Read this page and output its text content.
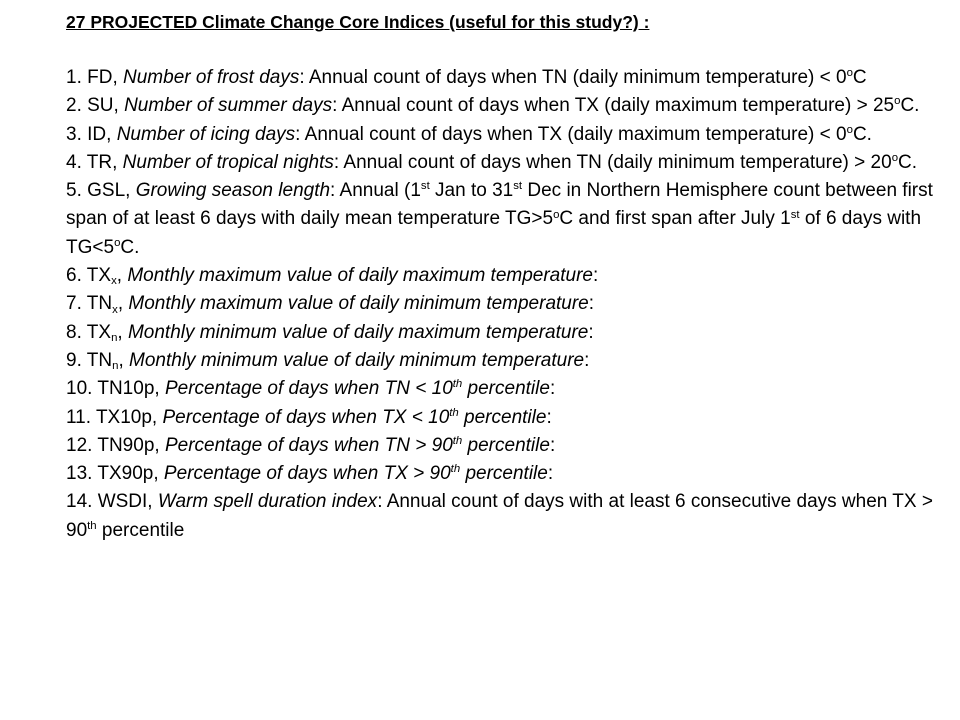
27 PROJECTED Climate Change Core Indices (useful for this study?) :

1. FD, Number of frost days: Annual count of days when TN (daily minimum temperature) < $0^oC$

2. SU, Number of summer days: Annual count of days when TX (daily maximum temperature) > $25^oC$.

3. ID, Number of icing days: Annual count of days when TX (daily maximum temperature) < $0^oC$.

4. TR, Number of tropical nights: Annual count of days when TN (daily minimum temperature) > $20^oC$.

5. GSL, Growing season length: Annual (1st Jan to 31st Dec in Northern Hemisphere count between first span of at least 6 days with daily mean temperature $TG>5^oC$ and first span after July 1st of 6 days with $TG<5^oC$.

6. $TX_x$, Monthly maximum value of daily maximum temperature:

7. $TN_x$, Monthly maximum value of daily minimum temperature:

8. $TX_n$, Monthly minimum value of daily maximum temperature:

9. $TN_n$, Monthly minimum value of daily minimum temperature:

10. TN10p, Percentage of days when TN < 10th percentile:

11. TX10p, Percentage of days when TX < 10th percentile:

12. TN90p, Percentage of days when TN > 90th percentile:

13. TX90p, Percentage of days when TX > 90th percentile:

14. WSDI, Warm spell duration index: Annual count of days with at least 6 consecutive days when TX > 90th percentile
